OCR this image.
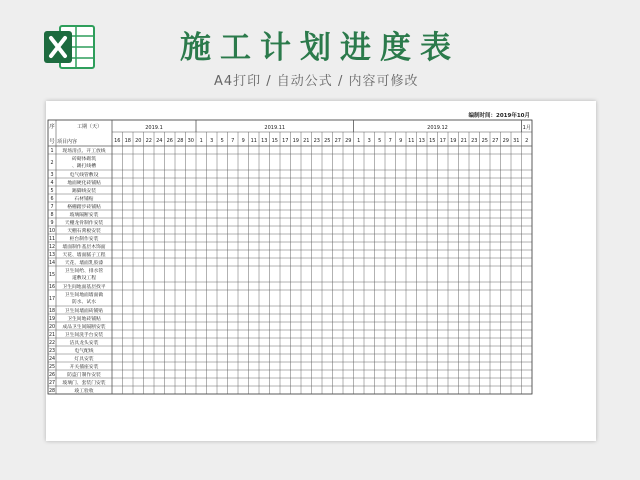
施工计划进度表
A4打印 / 自动公式 / 内容可修改
编制时间：2019年10月
序
号
工期（天）
项目内容
2019.1
16 18 20 22 24 26 28 30
2019.11
1 3 5 7 9 11 13 15 17 19 21 23 25 27 29
2019.12
1 3 5 7 9 11 13 15 17 19 21 23 25 27 29 31
1月
2
1 现场清点、开工放线
2
砖砌体砌筑
、踢打线槽
3	电气线管敷设
4	地面硬化砖铺贴
5	踢脚线安装
6	石材铺贴
7	格栅踏步砖铺贴
8	玻璃隔断安装
9 天棚龙骨制作安装
10	天棚石膏板安装
11	柜台制作安装
12 墙面制作基层木饰面
13 天花、墙面腻子工程
14 天花、墙面乳胶漆
15
卫生间给、排水管
道敷设工程
16 卫生间地面基层找平
17
卫生间地面墙面做
防水、试水
18 卫生间墙面砖铺贴
19	卫生间地砖铺贴
20 成品卫生间隔断安装
21 卫生间洗手台安装
22	洁具龙头安装
23	电气配线
24	灯具安装
25	开关插座安装
26	防盗门制作安装
27 玻璃门、套装门安装
28	竣工验收
